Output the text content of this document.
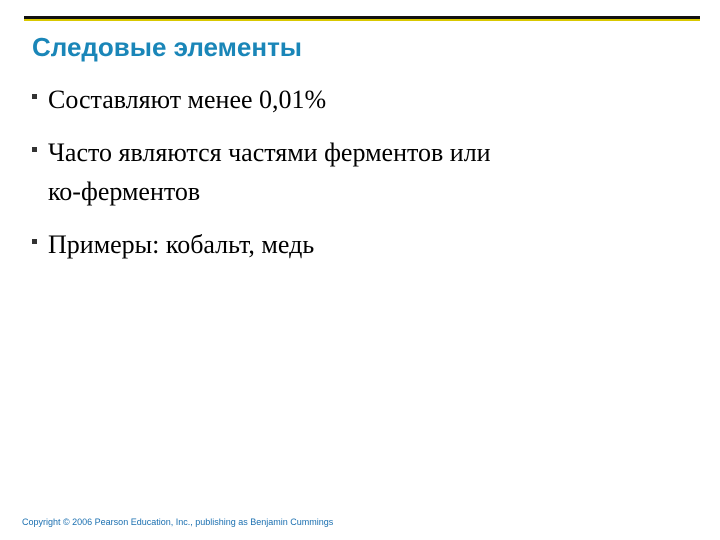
Следовые элементы
Составляют менее 0,01%
Часто являются частями ферментов или
ко-ферментов
Примеры: кобальт, медь
Copyright © 2006 Pearson Education, Inc., publishing as Benjamin Cummings
